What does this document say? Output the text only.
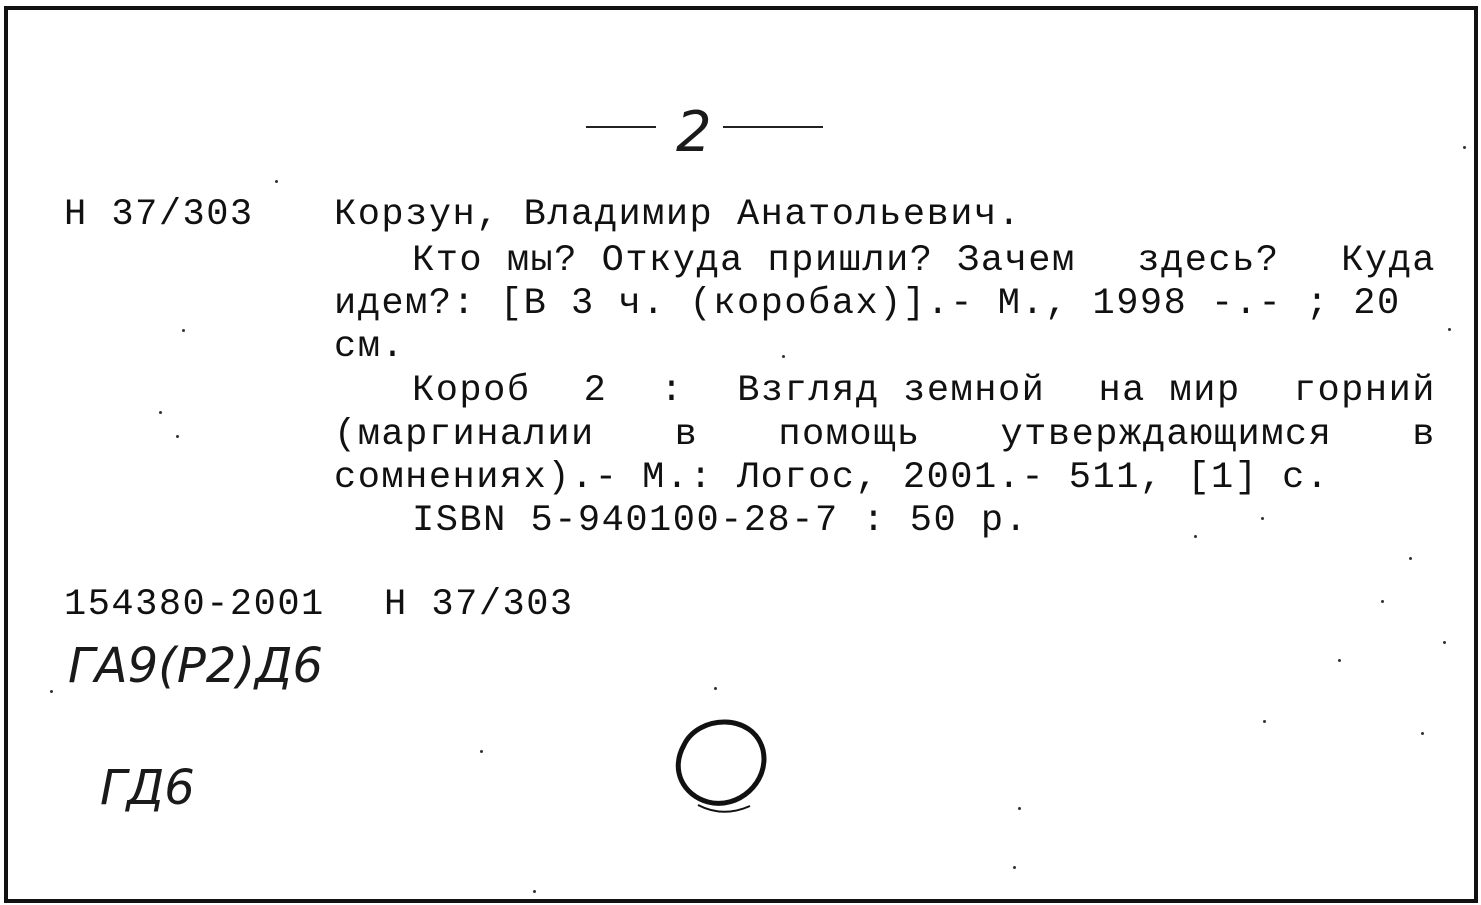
2
Н 37/303 Корзун, Владимир Анатольевич.
Кто мы? Откуда пришли? Зачем здесь? Куда
идем?: [В 3 ч. (коробах)].- М., 1998 -.- ; 20
см.
Короб 2 : Взгляд земной на мир горний
(маргиналии в помощь утверждающимся в
сомнениях).- М.: Логос, 2001.- 511, [1] с.
ISBN 5-940100-28-7 : 50 р.
154380-2001 Н 37/303
ГА9(Р2)Д6
ГД6
